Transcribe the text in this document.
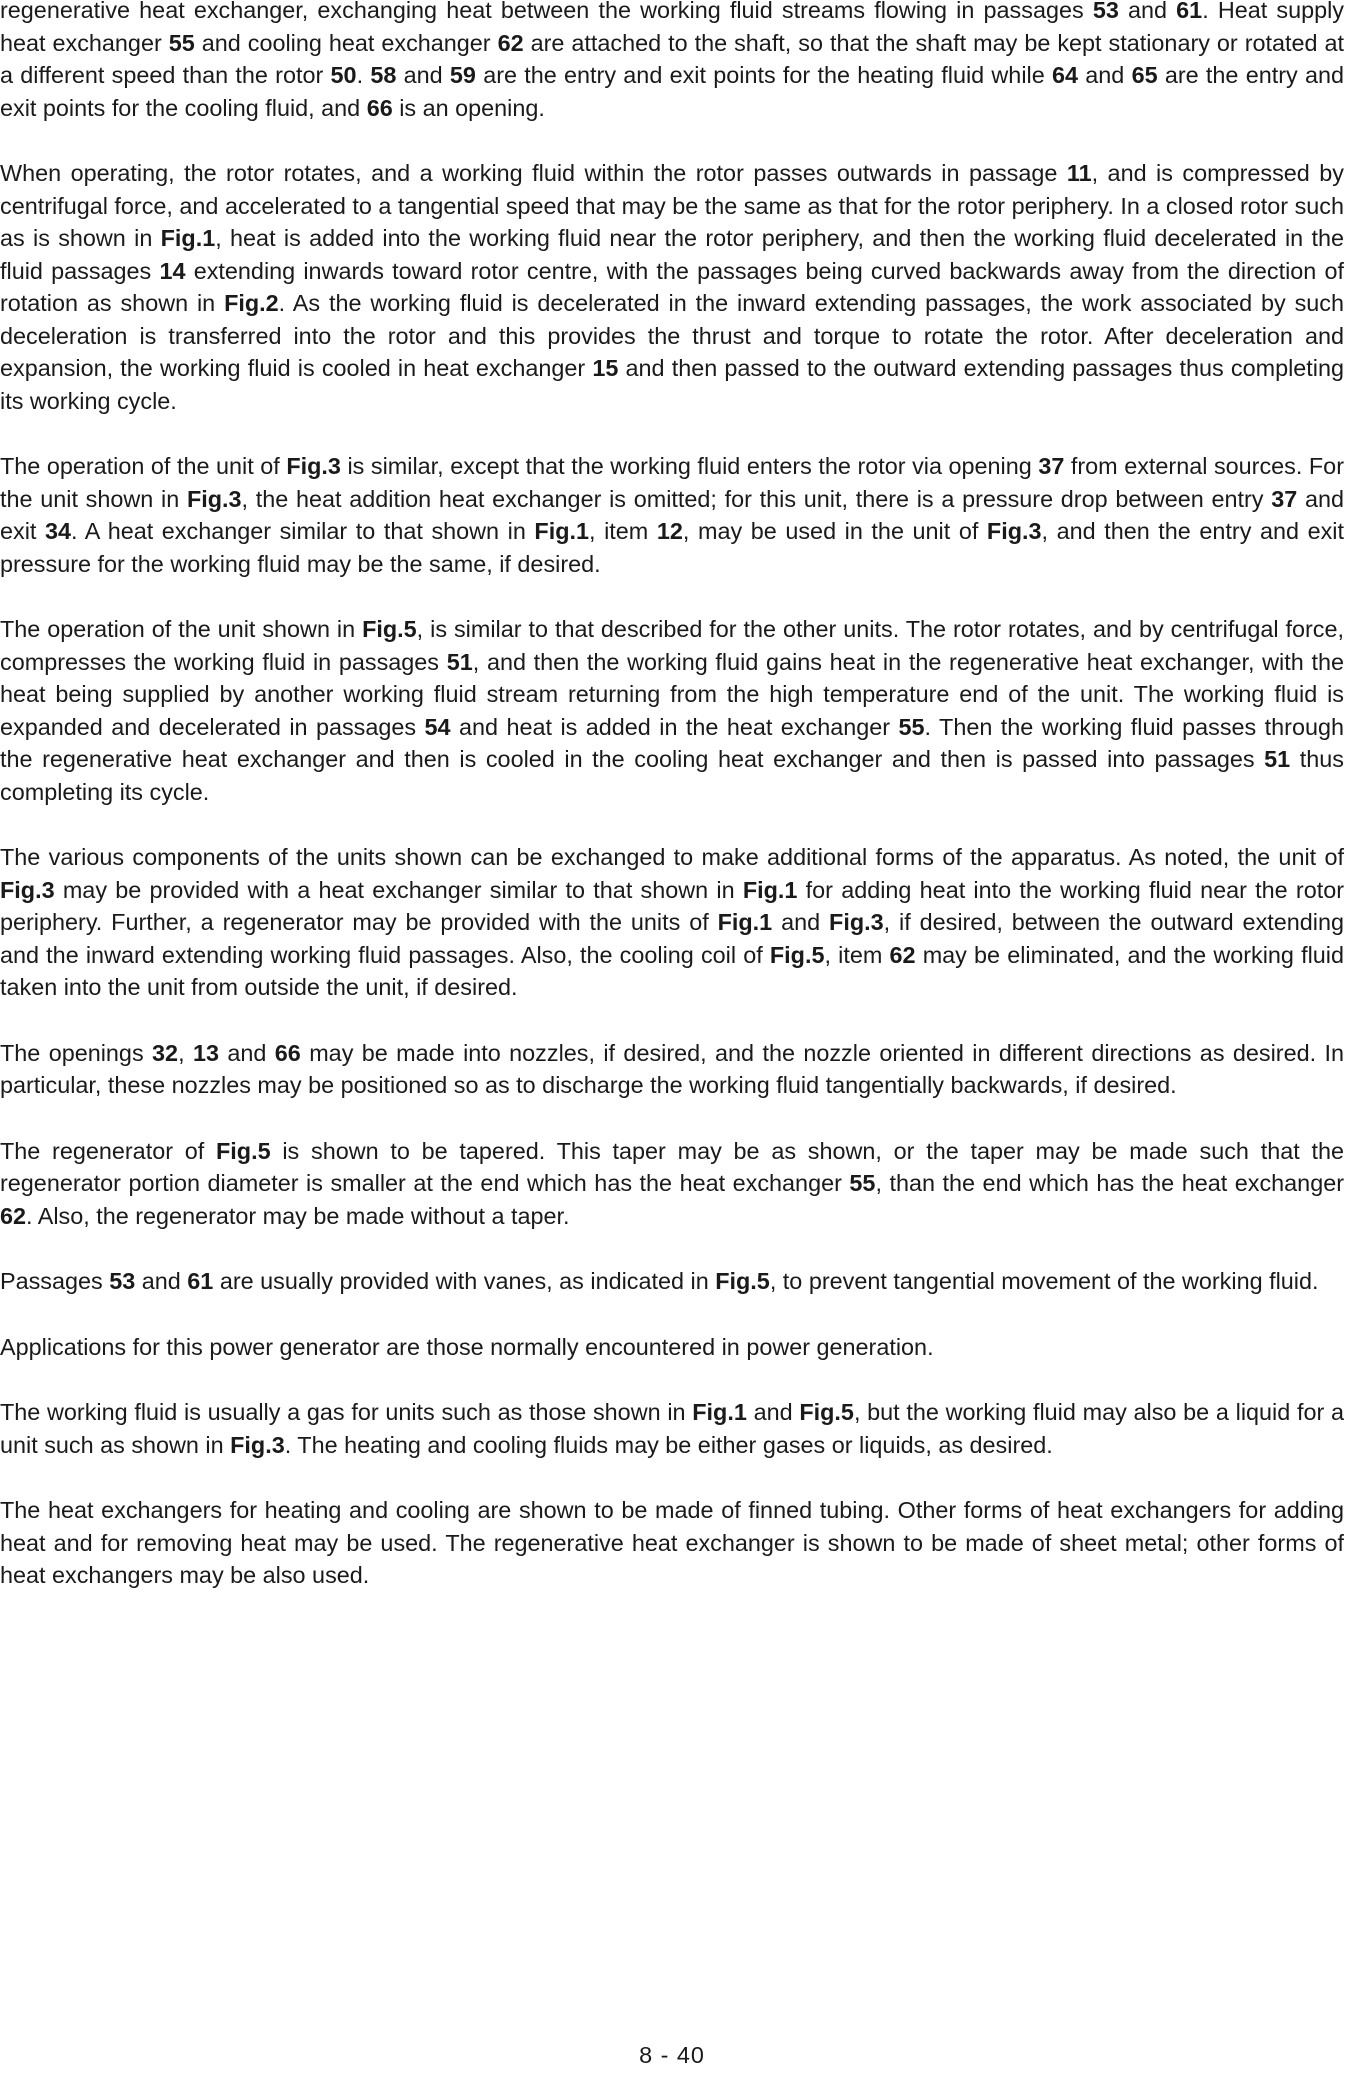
regenerative heat exchanger, exchanging heat between the working fluid streams flowing in passages 53 and 61. Heat supply heat exchanger 55 and cooling heat exchanger 62 are attached to the shaft, so that the shaft may be kept stationary or rotated at a different speed than the rotor 50. 58 and 59 are the entry and exit points for the heating fluid while 64 and 65 are the entry and exit points for the cooling fluid, and 66 is an opening.

When operating, the rotor rotates, and a working fluid within the rotor passes outwards in passage 11, and is compressed by centrifugal force, and accelerated to a tangential speed that may be the same as that for the rotor periphery. In a closed rotor such as is shown in Fig.1, heat is added into the working fluid near the rotor periphery, and then the working fluid decelerated in the fluid passages 14 extending inwards toward rotor centre, with the passages being curved backwards away from the direction of rotation as shown in Fig.2. As the working fluid is decelerated in the inward extending passages, the work associated by such deceleration is transferred into the rotor and this provides the thrust and torque to rotate the rotor. After deceleration and expansion, the working fluid is cooled in heat exchanger 15 and then passed to the outward extending passages thus completing its working cycle.

The operation of the unit of Fig.3 is similar, except that the working fluid enters the rotor via opening 37 from external sources. For the unit shown in Fig.3, the heat addition heat exchanger is omitted; for this unit, there is a pressure drop between entry 37 and exit 34. A heat exchanger similar to that shown in Fig.1, item 12, may be used in the unit of Fig.3, and then the entry and exit pressure for the working fluid may be the same, if desired.

The operation of the unit shown in Fig.5, is similar to that described for the other units. The rotor rotates, and by centrifugal force, compresses the working fluid in passages 51, and then the working fluid gains heat in the regenerative heat exchanger, with the heat being supplied by another working fluid stream returning from the high temperature end of the unit. The working fluid is expanded and decelerated in passages 54 and heat is added in the heat exchanger 55. Then the working fluid passes through the regenerative heat exchanger and then is cooled in the cooling heat exchanger and then is passed into passages 51 thus completing its cycle.

The various components of the units shown can be exchanged to make additional forms of the apparatus. As noted, the unit of Fig.3 may be provided with a heat exchanger similar to that shown in Fig.1 for adding heat into the working fluid near the rotor periphery. Further, a regenerator may be provided with the units of Fig.1 and Fig.3, if desired, between the outward extending and the inward extending working fluid passages. Also, the cooling coil of Fig.5, item 62 may be eliminated, and the working fluid taken into the unit from outside the unit, if desired.

The openings 32, 13 and 66 may be made into nozzles, if desired, and the nozzle oriented in different directions as desired. In particular, these nozzles may be positioned so as to discharge the working fluid tangentially backwards, if desired.

The regenerator of Fig.5 is shown to be tapered. This taper may be as shown, or the taper may be made such that the regenerator portion diameter is smaller at the end which has the heat exchanger 55, than the end which has the heat exchanger 62. Also, the regenerator may be made without a taper.

Passages 53 and 61 are usually provided with vanes, as indicated in Fig.5, to prevent tangential movement of the working fluid.

Applications for this power generator are those normally encountered in power generation.

The working fluid is usually a gas for units such as those shown in Fig.1 and Fig.5, but the working fluid may also be a liquid for a unit such as shown in Fig.3. The heating and cooling fluids may be either gases or liquids, as desired.

The heat exchangers for heating and cooling are shown to be made of finned tubing. Other forms of heat exchangers for adding heat and for removing heat may be used. The regenerative heat exchanger is shown to be made of sheet metal; other forms of heat exchangers may be also used.

8 - 40
